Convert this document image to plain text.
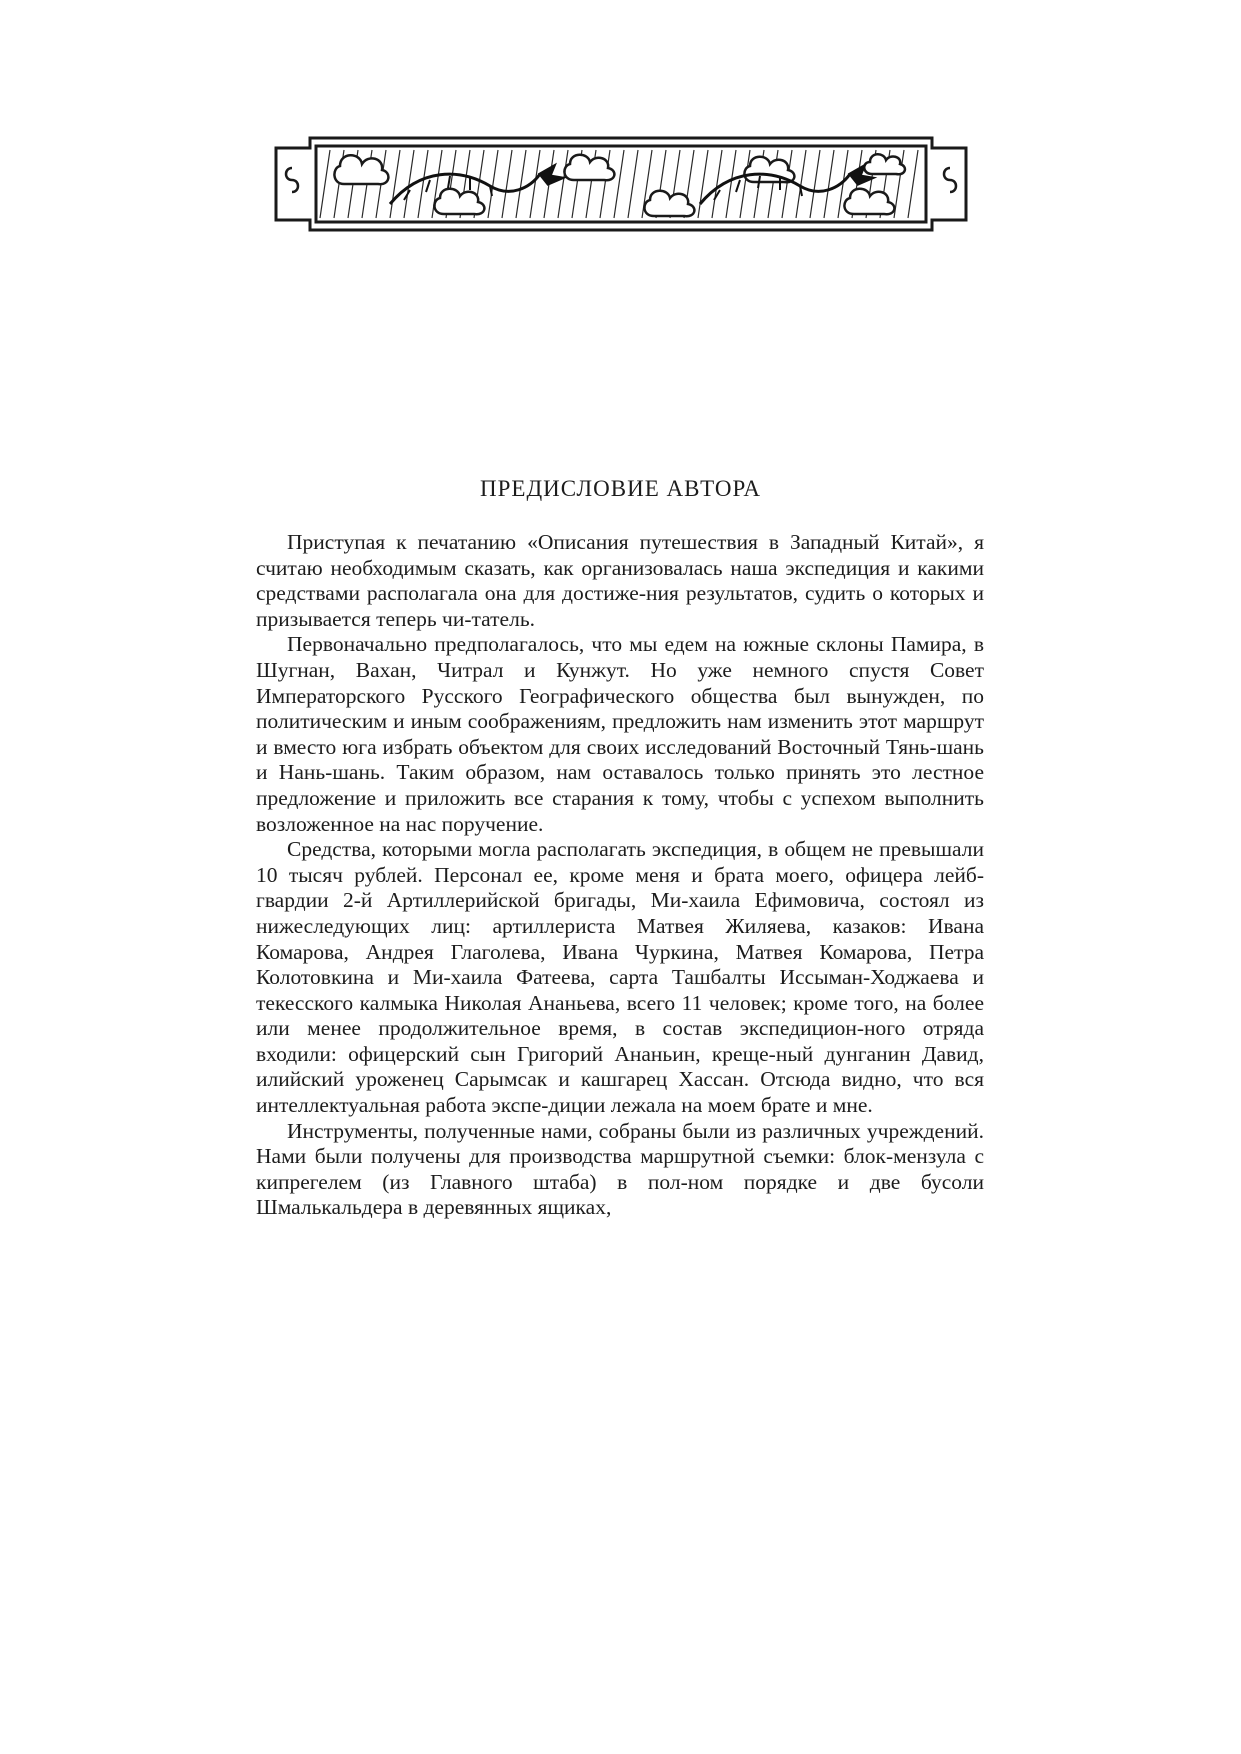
ПРЕДИСЛОВИЕ АВТОРА

Приступая к печатанию «Описания путешествия в Западный Китай», я считаю необходимым сказать, как организовалась наша экспедиция и какими средствами располагала она для достиже-ния результатов, судить о которых и призывается теперь чи-татель.

Первоначально предполагалось, что мы едем на южные склоны Памира, в Шугнан, Вахан, Читрал и Кунжут. Но уже немного спустя Совет Императорского Русского Географического общества был вынужден, по политическим и иным соображениям, предложить нам изменить этот маршрут и вместо юга избрать объектом для своих исследований Восточный Тянь-шань и Нань-шань. Таким образом, нам оставалось только принять это лестное предложение и приложить все старания к тому, чтобы с успехом выполнить возложенное на нас поручение.

Средства, которыми могла располагать экспедиция, в общем не превышали 10 тысяч рублей. Персонал ее, кроме меня и брата моего, офицера лейб-гвардии 2-й Артиллерийской бригады, Ми-хаила Ефимовича, состоял из нижеследующих лиц: артиллериста Матвея Жиляева, казаков: Ивана Комарова, Андрея Глаголева, Ивана Чуркина, Матвея Комарова, Петра Колотовкина и Ми-хаила Фатеева, сарта Ташбалты Иссыман-Ходжаева и текесского калмыка Николая Ананьева, всего 11 человек; кроме того, на более или менее продолжительное время, в состав экспедицион-ного отряда входили: офицерский сын Григорий Ананьин, креще-ный дунганин Давид, илийский уроженец Сарымсак и кашгарец Хассан. Отсюда видно, что вся интеллектуальная работа экспе-диции лежала на моем брате и мне.

Инструменты, полученные нами, собраны были из различных учреждений. Нами были получены для производства маршрутной съемки: блок-мензула с кипрегелем (из Главного штаба) в пол-ном порядке и две бусоли Шмалькальдера в деревянных ящиках,
